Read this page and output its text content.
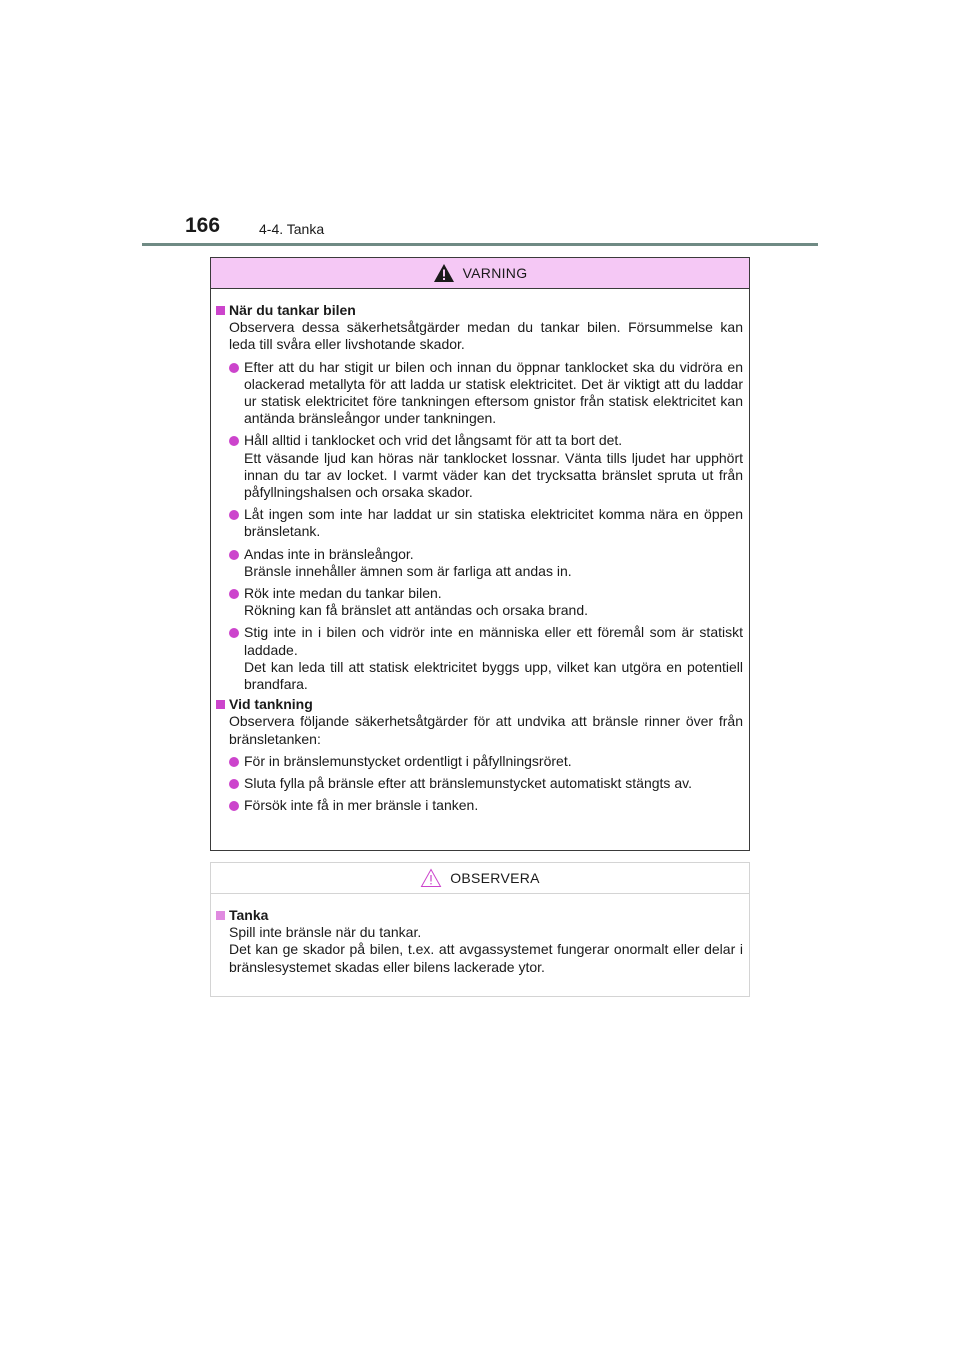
166	4-4. Tanka
VARNING
När du tankar bilen

Observera dessa säkerhetsåtgärder medan du tankar bilen. Försummelse kan leda till svåra eller livshotande skador.

Efter att du har stigit ur bilen och innan du öppnar tanklocket ska du vidröra en olackerad metallyta för att ladda ur statisk elektricitet. Det är viktigt att du laddar ur statisk elektricitet före tankningen eftersom gnistor från statisk elektricitet kan antända bränsleångor under tankningen.

Håll alltid i tanklocket och vrid det långsamt för att ta bort det.

Ett väsande ljud kan höras när tanklocket lossnar. Vänta tills ljudet har upphört innan du tar av locket. I varmt väder kan det trycksatta bränslet spruta ut från påfyllningshalsen och orsaka skador.

Låt ingen som inte har laddat ur sin statiska elektricitet komma nära en öppen bränsletank.

Andas inte in bränsleångor.

Bränsle innehåller ämnen som är farliga att andas in.

Rök inte medan du tankar bilen.

Rökning kan få bränslet att antändas och orsaka brand.

Stig inte in i bilen och vidrör inte en människa eller ett föremål som är statiskt laddade.

Det kan leda till att statisk elektricitet byggs upp, vilket kan utgöra en potentiell brandfara.

Vid tankning

Observera följande säkerhetsåtgärder för att undvika att bränsle rinner över från bränsletanken:

För in bränslemunstycket ordentligt i påfyllningsröret.

Sluta fylla på bränsle efter att bränslemunstycket automatiskt stängts av.

Försök inte få in mer bränsle i tanken.

OBSERVERA
Tanka

Spill inte bränsle när du tankar.

Det kan ge skador på bilen, t.ex. att avgassystemet fungerar onormalt eller delar i bränslesystemet skadas eller bilens lackerade ytor.
